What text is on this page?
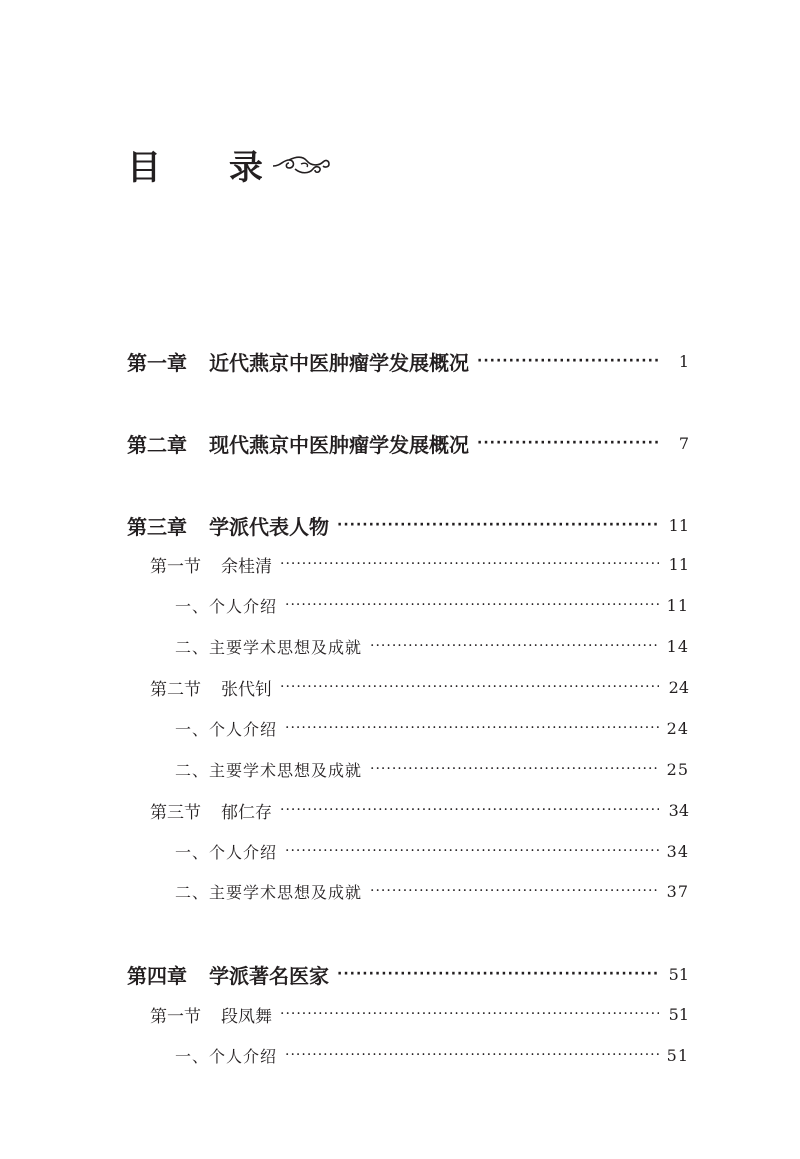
目 录
第一章 近代燕京中医肿瘤学发展概况 ·····	1
第二章 现代燕京中医肿瘤学发展概况 ·····	7
第三章 学派代表人物 ·····	11
第一节 余桂清 ·····	11
一、个人介绍 ·····	11
二、主要学术思想及成就 ·····	14
第二节 张代钊 ·····	24
一、个人介绍 ·····	24
二、主要学术思想及成就 ·····	25
第三节 郁仁存 ·····	34
一、个人介绍 ·····	34
二、主要学术思想及成就 ·····	37
第四章 学派著名医家 ·····	51
第一节 段凤舞 ·····	51
一、个人介绍 ·····	51
